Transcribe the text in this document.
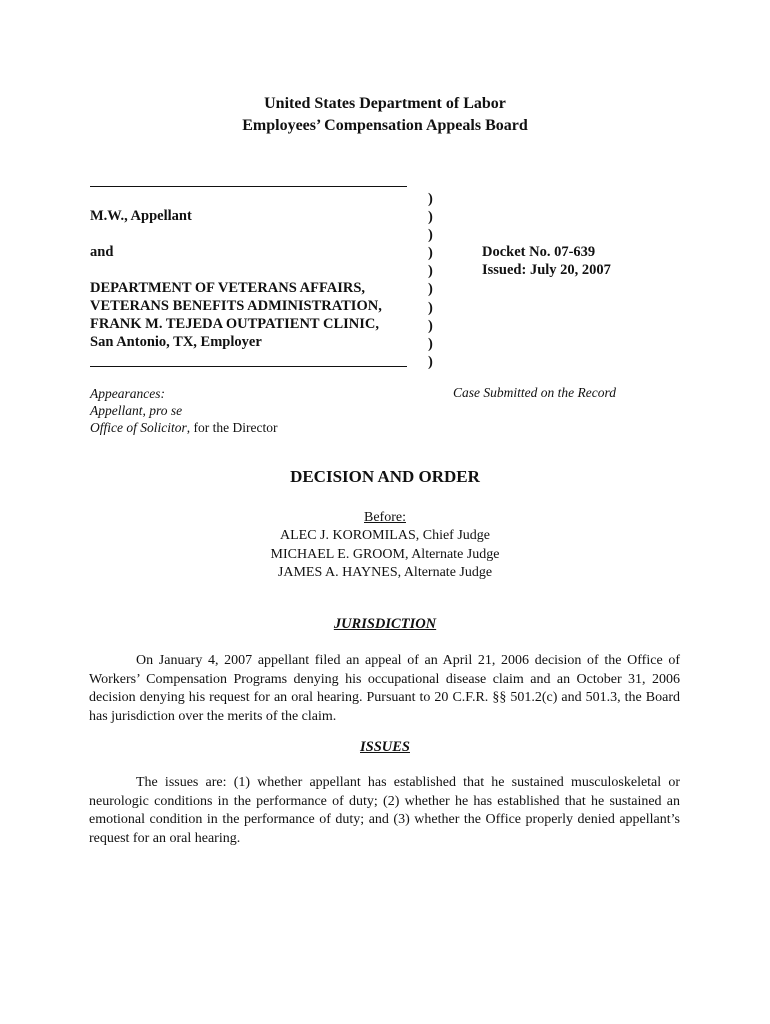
United States Department of Labor
Employees’ Compensation Appeals Board
M.W., Appellant
and
DEPARTMENT OF VETERANS AFFAIRS,
VETERANS BENEFITS ADMINISTRATION,
FRANK M. TEJEDA OUTPATIENT CLINIC,
San Antonio, TX, Employer
)
)
)
)
)
)
)
)
)
)
Docket No. 07-639
Issued: July 20, 2007
Appearances:
Appellant, pro se
Office of Solicitor, for the Director
Case Submitted on the Record
DECISION AND ORDER
Before:
ALEC J. KOROMILAS, Chief Judge
MICHAEL E. GROOM, Alternate Judge
JAMES A. HAYNES, Alternate Judge
JURISDICTION

On January 4, 2007 appellant filed an appeal of an April 21, 2006 decision of the Office of Workers’ Compensation Programs denying his occupational disease claim and an October 31, 2006 decision denying his request for an oral hearing. Pursuant to 20 C.F.R. §§ 501.2(c) and 501.3, the Board has jurisdiction over the merits of the claim.

ISSUES

The issues are: (1) whether appellant has established that he sustained musculoskeletal or neurologic conditions in the performance of duty; (2) whether he has established that he sustained an emotional condition in the performance of duty; and (3) whether the Office properly denied appellant’s request for an oral hearing.
